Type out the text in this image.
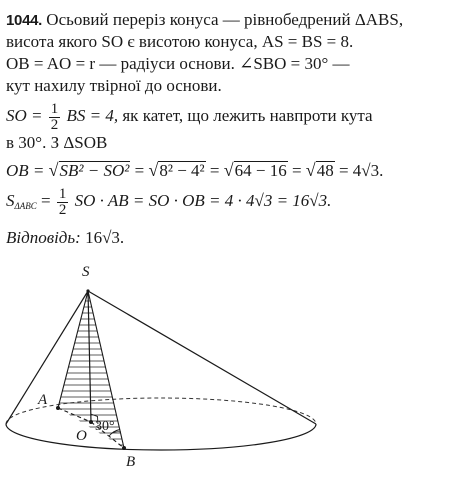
1044. Осьовий переріз конуса — рівнобедрений ΔABS,
висота якого SO є висотою конуса, AS = BS = 8.
OB = AO = r — радіуси основи. ∠SBO = 30° —
кут нахилу твірної до основи.
SO = $\frac{1}{2}$ BS = 4, як катет, що лежить навпроти кута
в 30°. З ΔSOB
OB = √SB² − SO² = √8² − 4² = √64 − 16 = √48 = 4√3.
$S_{\Delta ABC} = \frac{1}{2}$ SO · AB = SO · OB = 4 · 4√3 = 16√3.
Відповідь: 16√3.
S
A
O
B
30°
